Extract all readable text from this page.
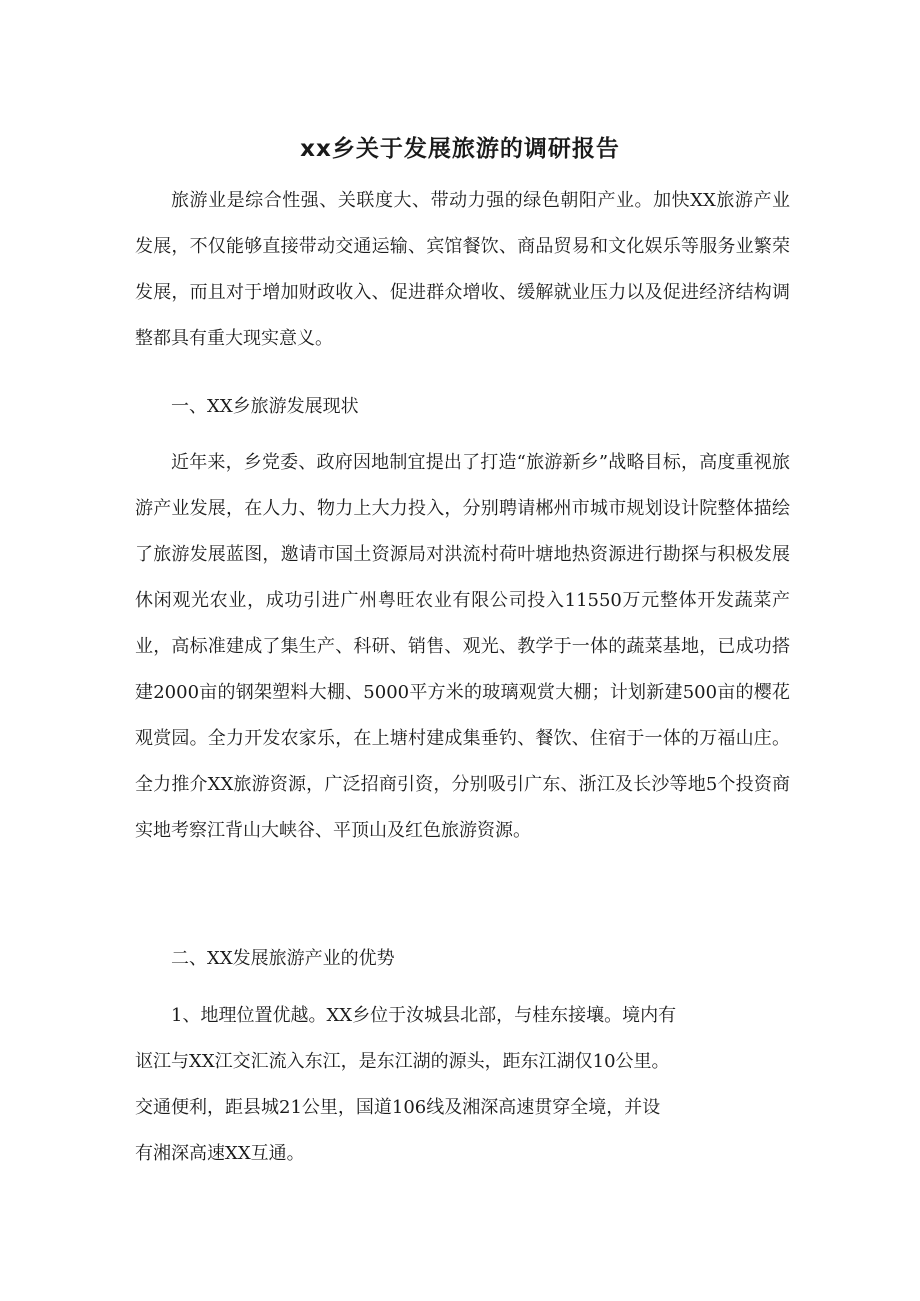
xx乡关于发展旅游的调研报告

旅游业是综合性强、关联度大、带动力强的绿色朝阳产业。加快XX旅游产业发展，不仅能够直接带动交通运输、宾馆餐饮、商品贸易和文化娱乐等服务业繁荣发展，而且对于增加财政收入、促进群众增收、缓解就业压力以及促进经济结构调整都具有重大现实意义。

一、XX乡旅游发展现状

近年来，乡党委、政府因地制宜提出了打造“旅游新乡”战略目标，高度重视旅游产业发展，在人力、物力上大力投入，分别聘请郴州市城市规划设计院整体描绘了旅游发展蓝图，邀请市国土资源局对洪流村荷叶塘地热资源进行勘探与积极发展休闲观光农业，成功引进广州粤旺农业有限公司投入11550万元整体开发蔬菜产业，高标准建成了集生产、科研、销售、观光、教学于一体的蔬菜基地，已成功搭建2000亩的钢架塑料大棚、5000平方米的玻璃观赏大棚；计划新建500亩的樱花观赏园。全力开发农家乐，在上塘村建成集垂钓、餐饮、住宿于一体的万福山庄。全力推介XX旅游资源，广泛招商引资，分别吸引广东、浙江及长沙等地5个投资商实地考察江背山大峡谷、平顶山及红色旅游资源。

二、XX发展旅游产业的优势

1、地理位置优越。XX乡位于汝城县北部，与桂东接壤。境内有
讴江与XX江交汇流入东江，是东江湖的源头，距东江湖仅10公里。
交通便利，距县城21公里，国道106线及湘深高速贯穿全境，并设
有湘深高速XX互通。
